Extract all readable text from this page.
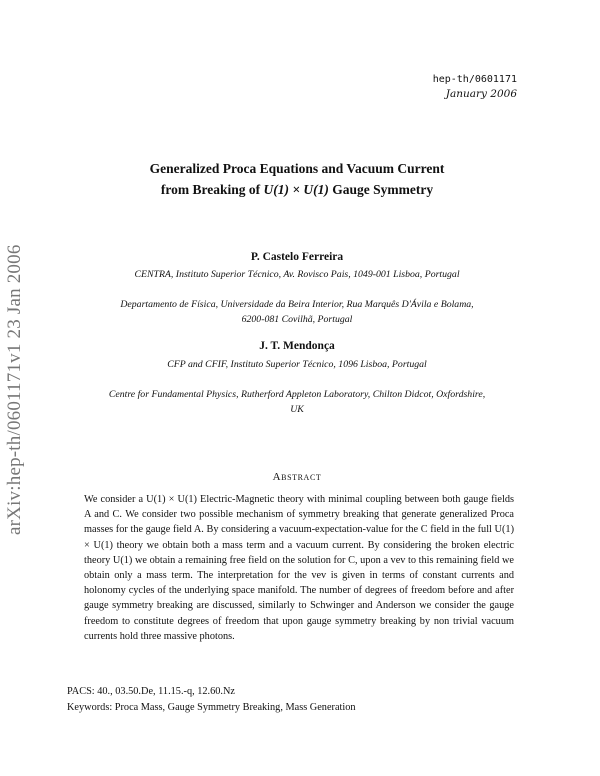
arXiv:hep-th/0601171v1 23 Jan 2006
hep-th/0601171
January 2006
Generalized Proca Equations and Vacuum Current
from Breaking of U(1) × U(1) Gauge Symmetry
P. Castelo Ferreira
CENTRA, Instituto Superior Técnico, Av. Rovisco Pais, 1049-001 Lisboa, Portugal
Departamento de Física, Universidade da Beira Interior, Rua Marquês D'Ávila e Bolama,
6200-081 Covilhã, Portugal
J. T. Mendonça
CFP and CFIF, Instituto Superior Técnico, 1096 Lisboa, Portugal
Centre for Fundamental Physics, Rutherford Appleton Laboratory, Chilton Didcot, Oxfordshire,
UK
Abstract
We consider a U(1) × U(1) Electric-Magnetic theory with minimal coupling between both gauge fields A and C. We consider two possible mechanism of symmetry breaking that generate generalized Proca masses for the gauge field A. By considering a vacuum-expectation-value for the C field in the full U(1) × U(1) theory we obtain both a mass term and a vacuum current. By considering the broken electric theory U(1) we obtain a remaining free field on the solution for C, upon a vev to this remaining field we obtain only a mass term. The interpretation for the vev is given in terms of constant currents and holonomy cycles of the underlying space manifold. The number of degrees of freedom before and after gauge symmetry breaking are discussed, similarly to Schwinger and Anderson we consider the gauge freedom to constitute degrees of freedom that upon gauge symmetry breaking by non trivial vacuum currents hold three massive photons.
PACS: 40., 03.50.De, 11.15.-q, 12.60.Nz
Keywords: Proca Mass, Gauge Symmetry Breaking, Mass Generation
